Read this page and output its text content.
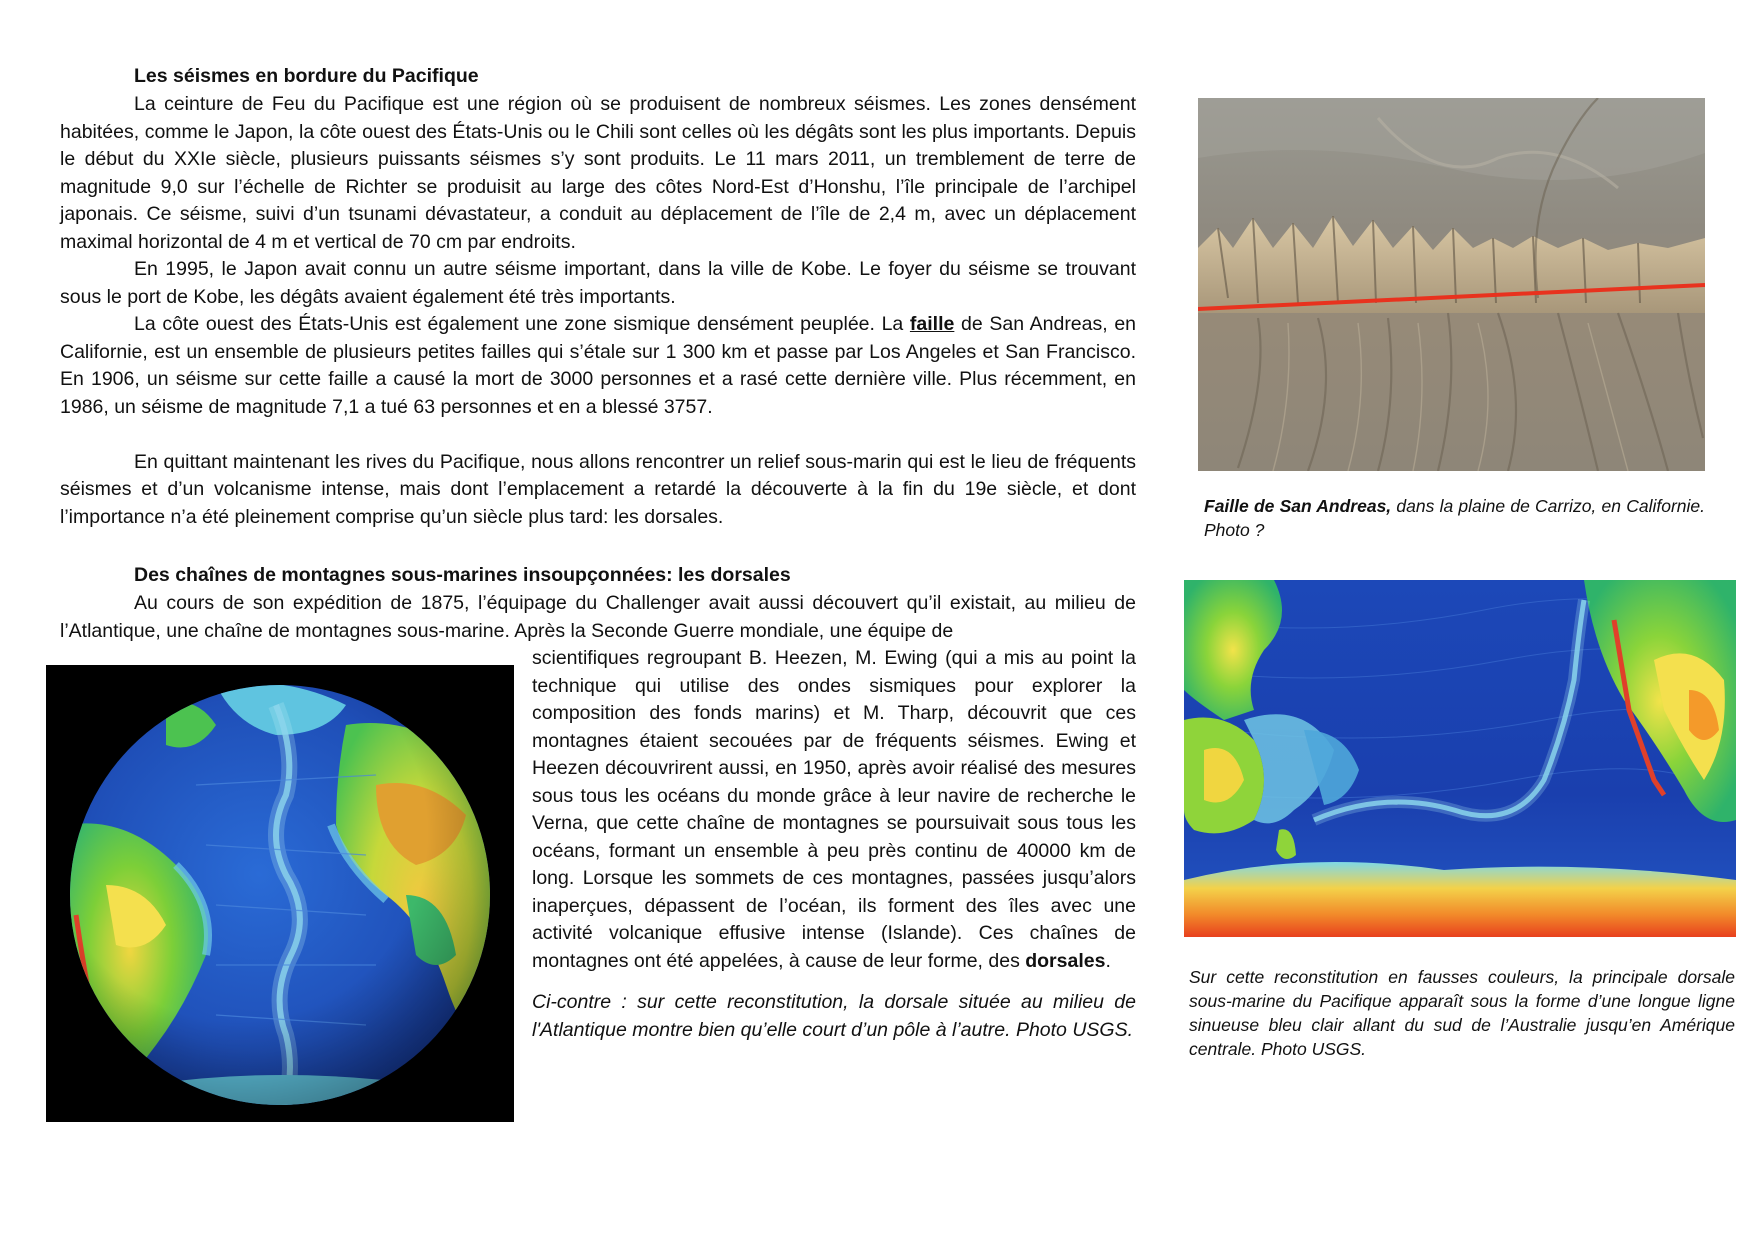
Les séismes en bordure du Pacifique

La ceinture de Feu du Pacifique est une région où se produisent de nombreux séismes. Les zones densément habitées, comme le Japon, la côte ouest des États-Unis ou le Chili sont celles où les dégâts sont les plus importants. Depuis le début du XXIe siècle, plusieurs puissants séismes s’y sont produits. Le 11 mars 2011, un tremblement de terre de magnitude 9,0 sur l’échelle de Richter se produisit au large des côtes Nord-Est d’Honshu, l’île principale de l’archipel japonais. Ce séisme, suivi d’un tsunami dévastateur, a conduit au déplacement de l’île de 2,4 m, avec un déplacement maximal horizontal de 4 m et vertical de 70 cm par endroits.

En 1995, le Japon avait connu un autre séisme important, dans la ville de Kobe. Le foyer du séisme se trouvant sous le port de Kobe, les dégâts avaient également été très importants.

La côte ouest des États-Unis est également une zone sismique densément peuplée. La faille de San Andreas, en Californie, est un ensemble de plusieurs petites failles qui s’étale sur 1 300 km et passe par Los Angeles et San Francisco. En 1906, un séisme sur cette faille a causé la mort de 3000 personnes et a rasé cette dernière ville. Plus récemment, en 1986, un séisme de magnitude 7,1 a tué 63 personnes et en a blessé 3757.

En quittant maintenant les rives du Pacifique, nous allons rencontrer un relief sous-marin qui est le lieu de fréquents séismes et d’un volcanisme intense, mais dont l’emplacement a retardé la découverte à la fin du 19e siècle, et dont l’importance n’a été pleinement comprise qu’un siècle plus tard: les dorsales.

Des chaînes de montagnes sous-marines insoupçonnées: les dorsales

Au cours de son expédition de 1875, l’équipage du Challenger avait aussi découvert qu’il existait, au milieu de l’Atlantique, une chaîne de montagnes sous-marine. Après la Seconde Guerre mondiale, une équipe de

scientifiques regroupant B. Heezen, M. Ewing (qui a mis au point la technique qui utilise des ondes sismiques pour explorer la composition des fonds marins) et M. Tharp, découvrit que ces montagnes étaient secouées par de fréquents séismes. Ewing et Heezen découvrirent aussi, en 1950, après avoir réalisé des mesures sous tous les océans du monde grâce à leur navire de recherche le Verna, que cette chaîne de montagnes se poursuivait sous tous les océans, formant un ensemble à peu près continu de 40000 km de long. Lorsque les sommets de ces montagnes, passées jusqu’alors inaperçues, dépassent de l’océan, ils forment des îles avec une activité volcanique effusive intense (Islande). Ces chaînes de montagnes ont été appelées, à cause de leur forme, des dorsales.

Ci-contre : sur cette reconstitution, la dorsale située au milieu de l'Atlantique montre bien qu’elle court d’un pôle à l’autre. Photo USGS.

Faille de San Andreas, dans la plaine de Carrizo, en Californie. Photo ?

Sur cette reconstitution en fausses couleurs, la principale dorsale sous-marine du Pacifique apparaît sous la forme d’une longue ligne sinueuse bleu clair allant du sud de l’Australie jusqu’en Amérique centrale. Photo USGS.
